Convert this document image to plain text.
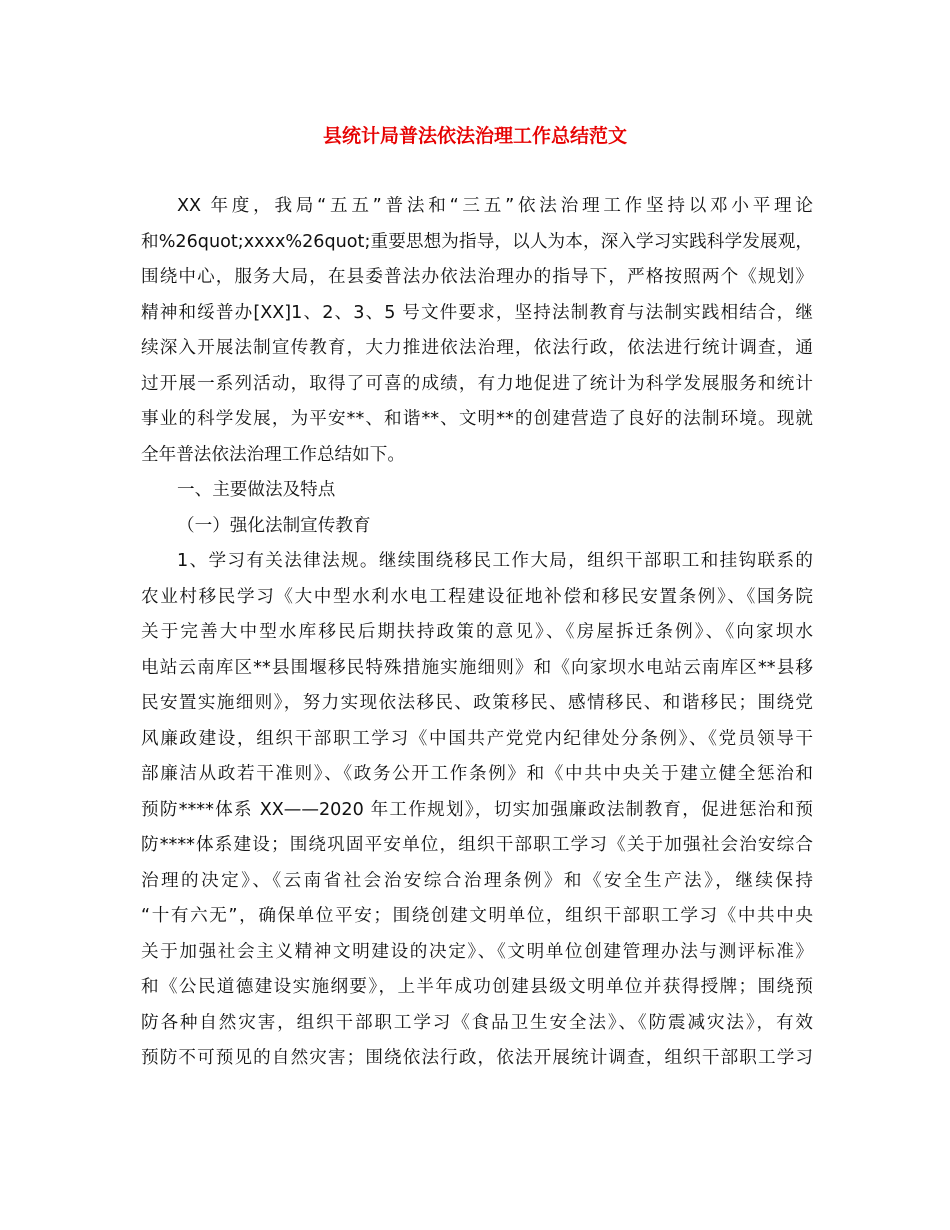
县统计局普法依法治理工作总结范文
XX 年度，我局“五五”普法和“三五”依法治理工作坚持以邓小平理论
和%26quot;xxxx%26quot;重要思想为指导，以人为本，深入学习实践科学发展观，
围绕中心，服务大局，在县委普法办依法治理办的指导下，严格按照两个《规划》
精神和绥普办[XX]1、2、3、5 号文件要求，坚持法制教育与法制实践相结合，继
续深入开展法制宣传教育，大力推进依法治理，依法行政，依法进行统计调查，通
过开展一系列活动，取得了可喜的成绩，有力地促进了统计为科学发展服务和统计
事业的科学发展，为平安**、和谐**、文明**的创建营造了良好的法制环境。现就
全年普法依法治理工作总结如下。
一、主要做法及特点
（一）强化法制宣传教育
1、学习有关法律法规。继续围绕移民工作大局，组织干部职工和挂钩联系的
农业村移民学习《大中型水利水电工程建设征地补偿和移民安置条例》、《国务院
关于完善大中型水库移民后期扶持政策的意见》、《房屋拆迁条例》、《向家坝水
电站云南库区**县围堰移民特殊措施实施细则》和《向家坝水电站云南库区**县移
民安置实施细则》，努力实现依法移民、政策移民、感情移民、和谐移民；围绕党
风廉政建设，组织干部职工学习《中国共产党党内纪律处分条例》、《党员领导干
部廉洁从政若干准则》、《政务公开工作条例》和《中共中央关于建立健全惩治和
预防****体系 XX——2020 年工作规划》，切实加强廉政法制教育，促进惩治和预
防****体系建设；围绕巩固平安单位，组织干部职工学习《关于加强社会治安综合
治理的决定》、《云南省社会治安综合治理条例》和《安全生产法》，继续保持
“十有六无”，确保单位平安；围绕创建文明单位，组织干部职工学习《中共中央
关于加强社会主义精神文明建设的决定》、《文明单位创建管理办法与测评标准》
和《公民道德建设实施纲要》，上半年成功创建县级文明单位并获得授牌；围绕预
防各种自然灾害，组织干部职工学习《食品卫生安全法》、《防震减灾法》，有效
预防不可预见的自然灾害；围绕依法行政，依法开展统计调查，组织干部职工学习
